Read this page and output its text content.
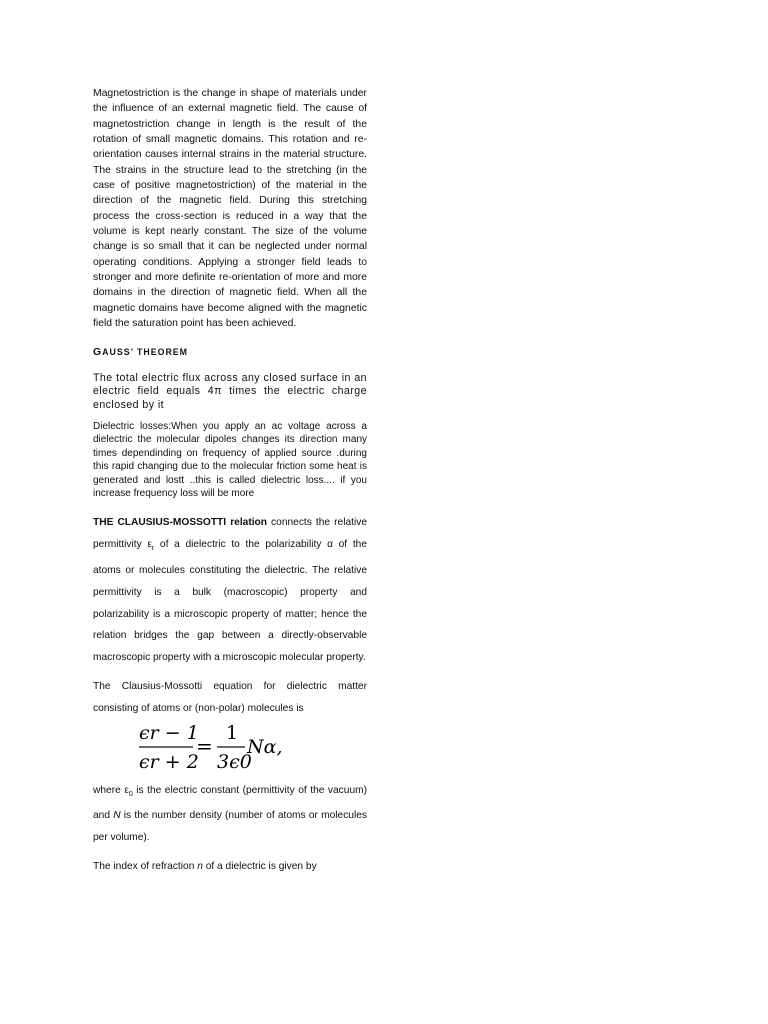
Magnetostriction is the change in shape of materials under the influence of an external magnetic field. The cause of magnetostriction change in length is the result of the rotation of small magnetic domains. This rotation and re-orientation causes internal strains in the material structure. The strains in the structure lead to the stretching (in the case of positive magnetostriction) of the material in the direction of the magnetic field. During this stretching process the cross-section is reduced in a way that the volume is kept nearly constant. The size of the volume change is so small that it can be neglected under normal operating conditions. Applying a stronger field leads to stronger and more definite re-orientation of more and more domains in the direction of magnetic field. When all the magnetic domains have become aligned with the magnetic field the saturation point has been achieved.

GAUSS’ THEOREM

The total electric flux across any closed surface in an electric field equals 4π times the electric charge enclosed by it

Dielectric losses:When you apply an ac voltage across a dielectric the molecular dipoles changes its direction many times dependinding on frequency of applied source .during this rapid changing due to the molecular friction some heat is generated and lostt ..this is called dielectric loss.... if you increase frequency loss will be more

THE CLAUSIUS-MOSSOTTI relation connects the relative permittivity $\varepsilon_r$ of a dielectric to the polarizability α of the atoms or molecules constituting the dielectric. The relative permittivity is a bulk (macroscopic) property and polarizability is a microscopic property of matter; hence the relation bridges the gap between a directly-observable macroscopic property with a microscopic molecular property.

The Clausius-Mossotti equation for dielectric matter consisting of atoms or (non-polar) molecules is

ϵr − 1
ϵr + 2
=
1
3ϵ0
Nα,

where $\varepsilon_0$ is the electric constant (permittivity of the vacuum) and N is the number density (number of atoms or molecules per volume).

The index of refraction n of a dielectric is given by
